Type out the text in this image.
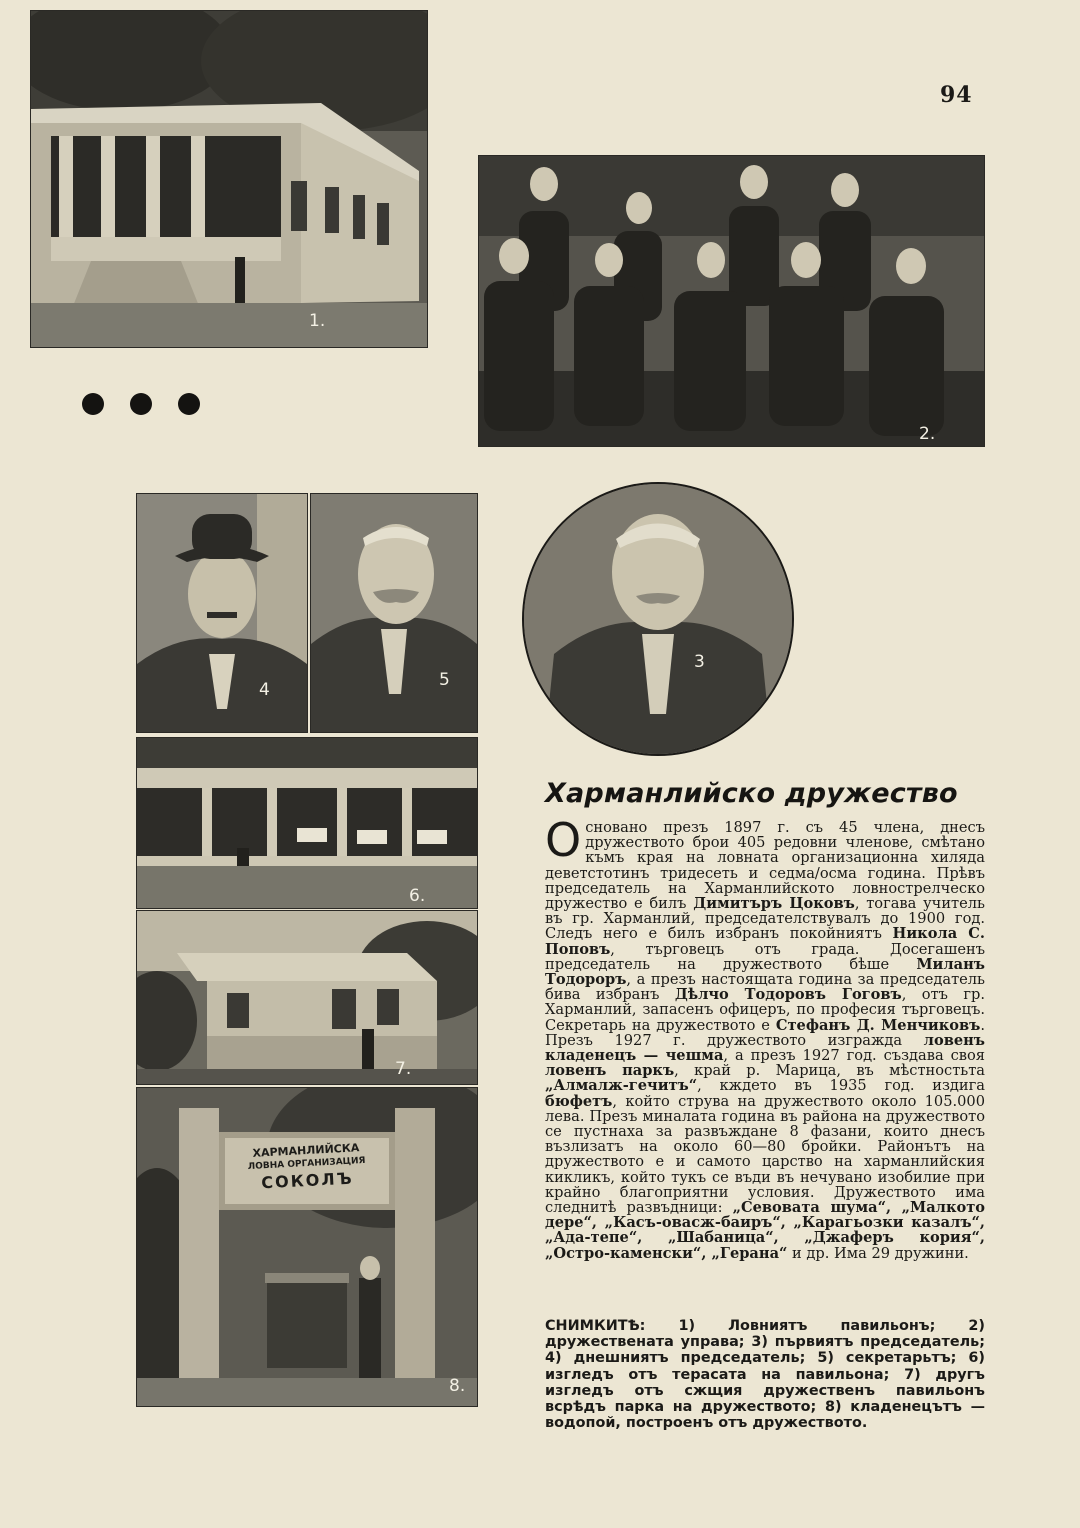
94
1.
2.
4	5
3
6.
7.
ХАРМАНЛИЙСКА
ЛОВНА ОРГАНИЗАЦИЯ
СОКОЛЪ
8.
Харманлийско дружество
Оснoвано презъ 1897 г. съ 45 члена, днесъ дружеството брои 405 редовни членове, смѣтано къмъ края на ловната организационна хиляда деветстотинъ тридесеть и седма/осма година. Прѣвъ председатель на Харманлийското ловнострелческо дружество е билъ Димитъръ Цоковъ, тогава учитель въ гр. Харманлий, председателствувалъ до 1900 год. Следъ него е билъ избранъ покойниятъ Никола С. Поповъ, търговецъ отъ града. Досегашенъ председатель на дружеството бѣше Миланъ Тодороръ, а презъ настоящата година за председатель бива избранъ Дѣлчо Тодоровъ Гоговъ, отъ гр. Харманлий, запасенъ офицеръ, по професия търговецъ. Секретарь на дружеството е Стефанъ Д. Менчиковъ. Презъ 1927 г. дружеството изгражда ловенъ кладенецъ — чешма, а презъ 1927 год. създава своя ловенъ паркъ, край р. Марица, въ мѣстностьта „Алмалж-гечитъ“, кждето въ 1935 год. издига бюфетъ, който струва на дружеството около 105.000 лева. Презъ миналата година въ района на дружеството се пустнаха за развъждане 8 фазани, които днесъ възлизатъ на около 60—80 бройки. Районътъ на дружеството е и самото царство на харманлийския кикликъ, който тукъ се въди въ нечувано изобилие при крайно благоприятни условия. Дружеството има следнитѣ развъдници: „Севовата шума“, „Малкото дере“, „Касъ-овасж-баиръ“, „Карагьозки казалъ“, „Ада-тепе“, „Шабаница“, „Джаферъ кория“, „Остро-каменски“, „Герана“ и др. Има 29 дружини.
СНИМКИТѢ: 1) Ловниятъ павильонъ; 2) дружествената управа; 3) първиятъ председатель; 4) днешниятъ председатель; 5) секретарьтъ; 6) изгледъ отъ терасата на павильона; 7) другъ изгледъ отъ сжщия дружественъ павильонъ всрѣдъ парка на дружеството; 8) кладенецътъ — водопой, построенъ отъ дружеството.
